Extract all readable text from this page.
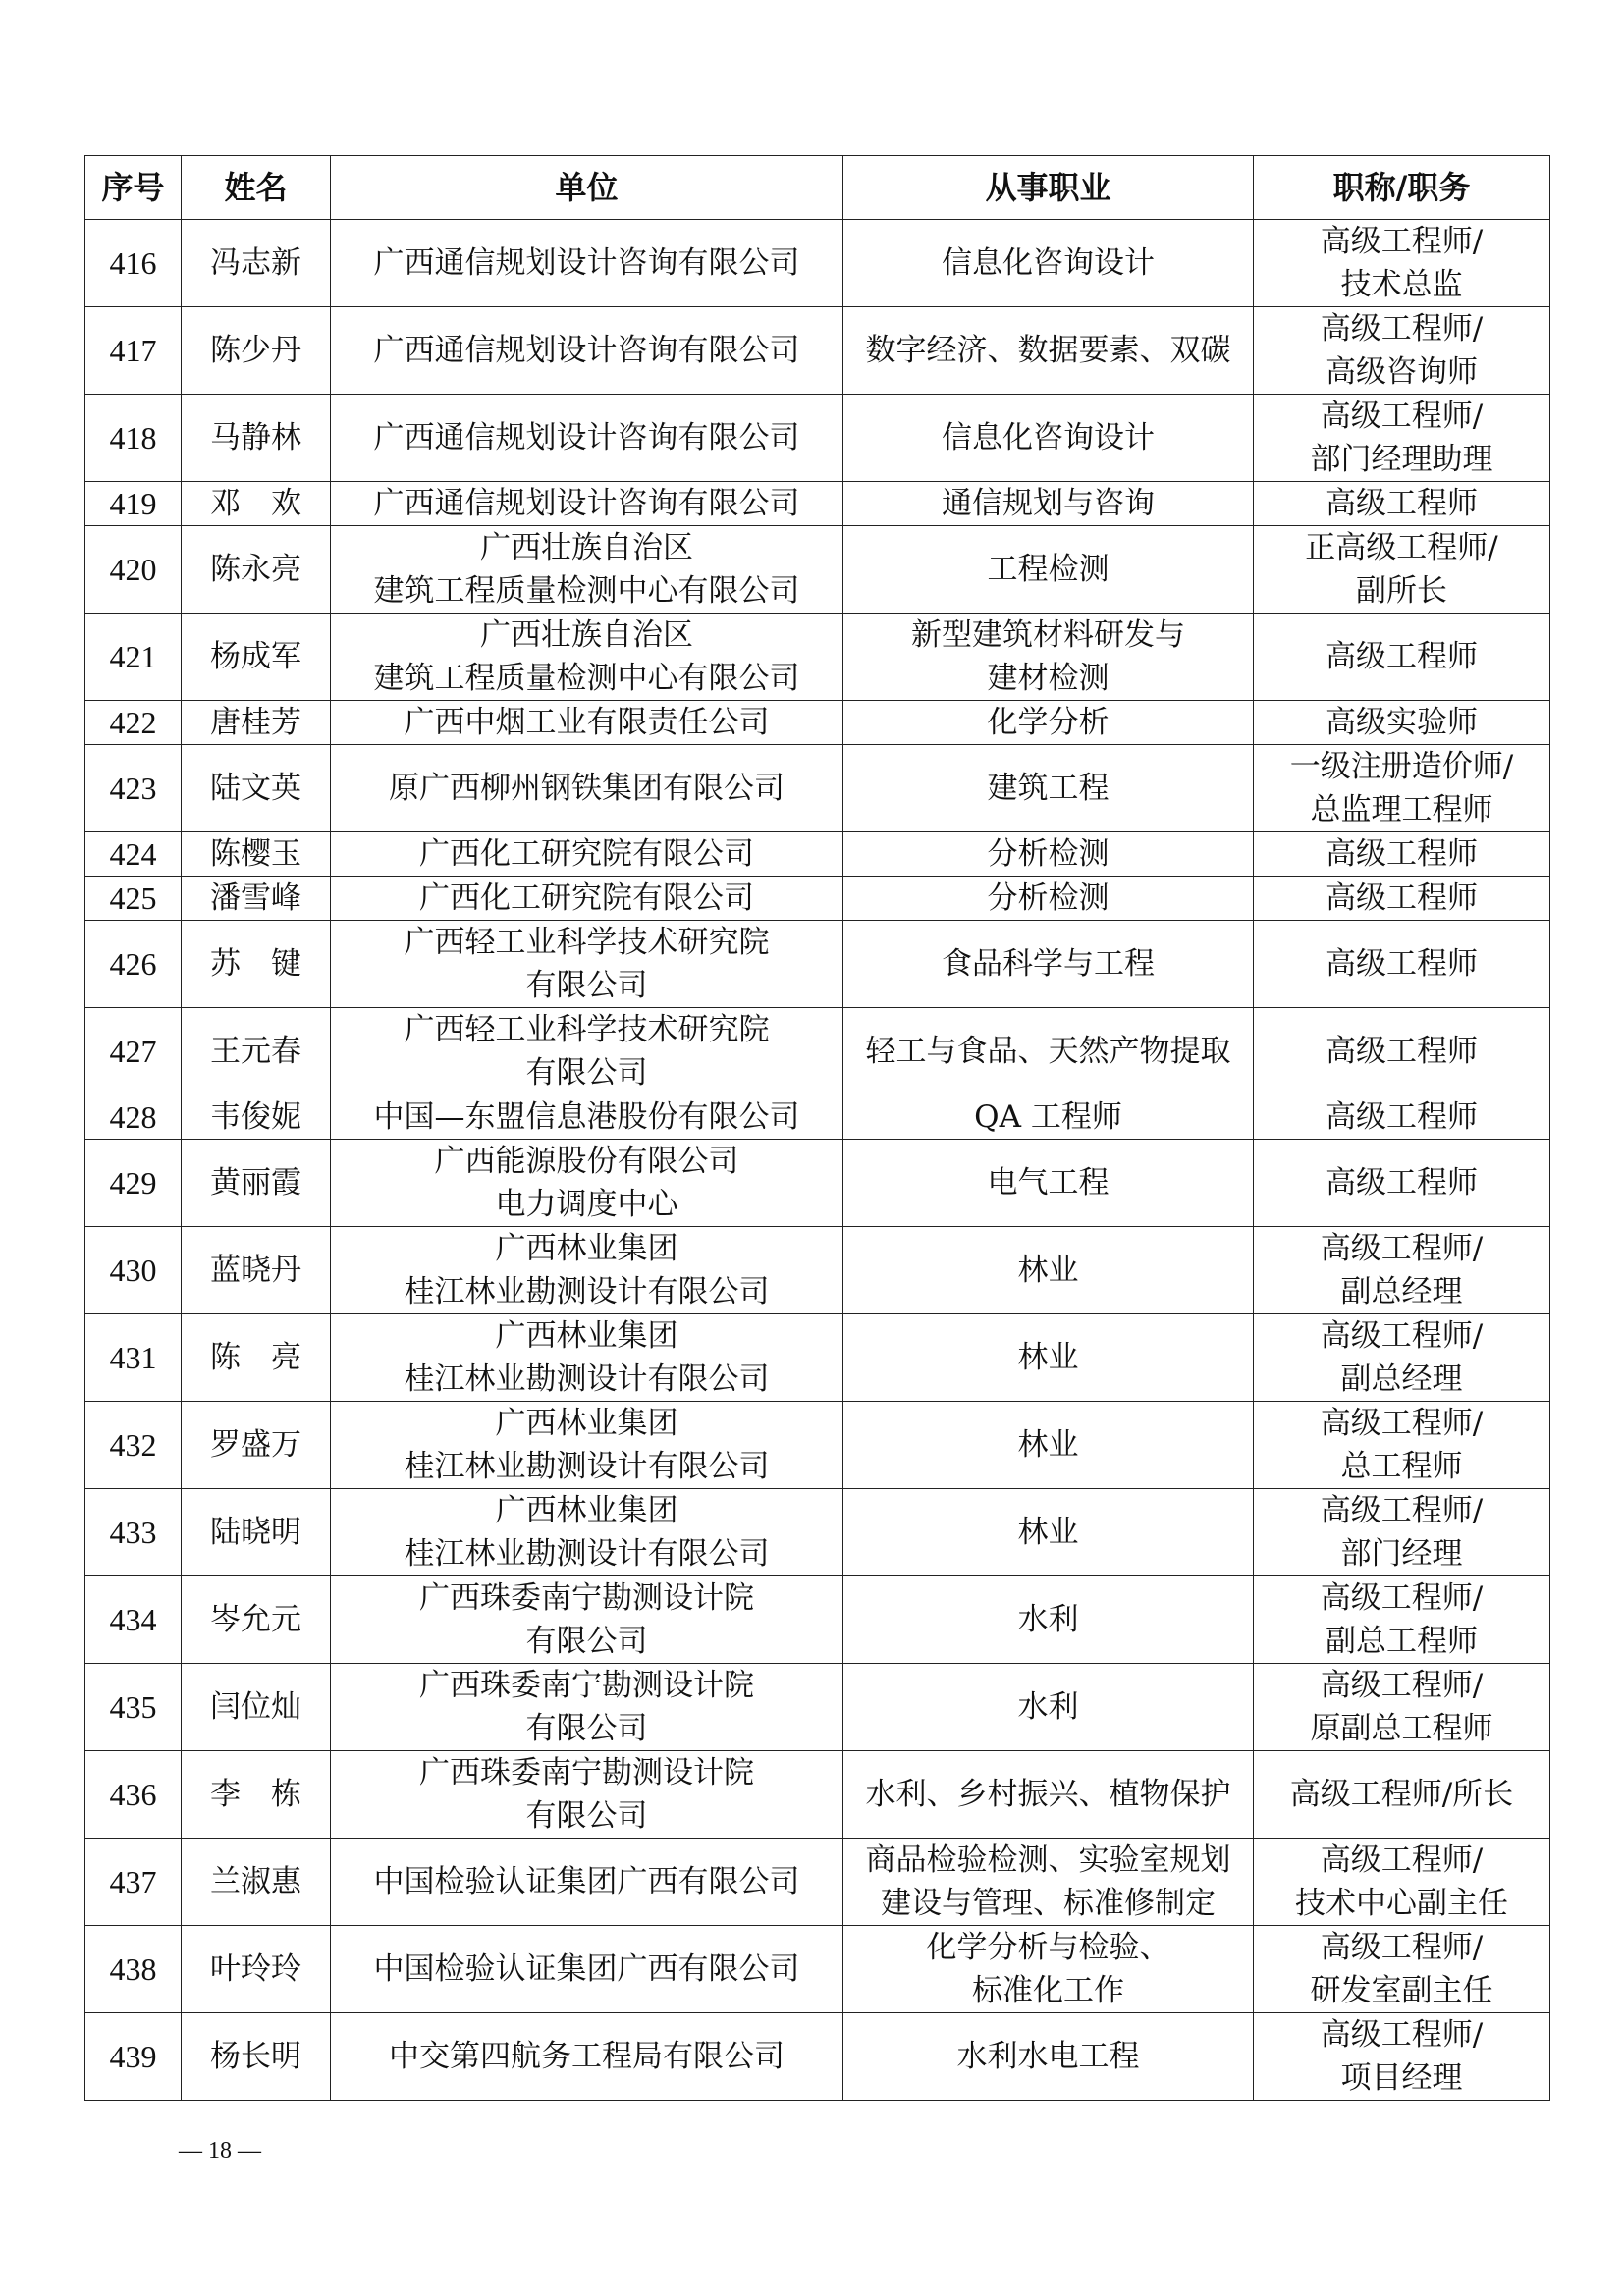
序号	姓名	单位	从事职业	职称/职务
416	冯志新	广西通信规划设计咨询有限公司	信息化咨询设计	高级工程师/
技术总监

417	陈少丹	广西通信规划设计咨询有限公司	数字经济、数据要素、双碳	高级工程师/
高级咨询师

418	马静林	广西通信规划设计咨询有限公司	信息化咨询设计	高级工程师/
部门经理助理

419	邓　欢	广西通信规划设计咨询有限公司	通信规划与咨询	高级工程师

420	陈永亮	广西壮族自治区
建筑工程质量检测中心有限公司	工程检测	正高级工程师/
副所长

421	杨成军	广西壮族自治区
建筑工程质量检测中心有限公司	新型建筑材料研发与
建材检测	高级工程师

422	唐桂芳	广西中烟工业有限责任公司	化学分析	高级实验师

423	陆文英	原广西柳州钢铁集团有限公司	建筑工程	一级注册造价师/
总监理工程师

424	陈樱玉	广西化工研究院有限公司	分析检测	高级工程师

425	潘雪峰	广西化工研究院有限公司	分析检测	高级工程师

426	苏　键	广西轻工业科学技术研究院
有限公司	食品科学与工程	高级工程师

427	王元春	广西轻工业科学技术研究院
有限公司	轻工与食品、天然产物提取	高级工程师

428	韦俊妮	中国—东盟信息港股份有限公司	QA 工程师	高级工程师

429	黄丽霞	广西能源股份有限公司
电力调度中心	电气工程	高级工程师

430	蓝晓丹	广西林业集团
桂江林业勘测设计有限公司	林业	高级工程师/
副总经理

431	陈　亮	广西林业集团
桂江林业勘测设计有限公司	林业	高级工程师/
副总经理

432	罗盛万	广西林业集团
桂江林业勘测设计有限公司	林业	高级工程师/
总工程师

433	陆晓明	广西林业集团
桂江林业勘测设计有限公司	林业	高级工程师/
部门经理

434	岑允元	广西珠委南宁勘测设计院
有限公司	水利	高级工程师/
副总工程师

435	闫位灿	广西珠委南宁勘测设计院
有限公司	水利	高级工程师/
原副总工程师

436	李　栋	广西珠委南宁勘测设计院
有限公司	水利、乡村振兴、植物保护	高级工程师/所长

437	兰淑惠	中国检验认证集团广西有限公司	商品检验检测、实验室规划
建设与管理、标准修制定	高级工程师/
技术中心副主任

438	叶玲玲	中国检验认证集团广西有限公司	化学分析与检验、
标准化工作	高级工程师/
研发室副主任

439	杨长明	中交第四航务工程局有限公司	水利水电工程	高级工程师/
项目经理
— 18 —
